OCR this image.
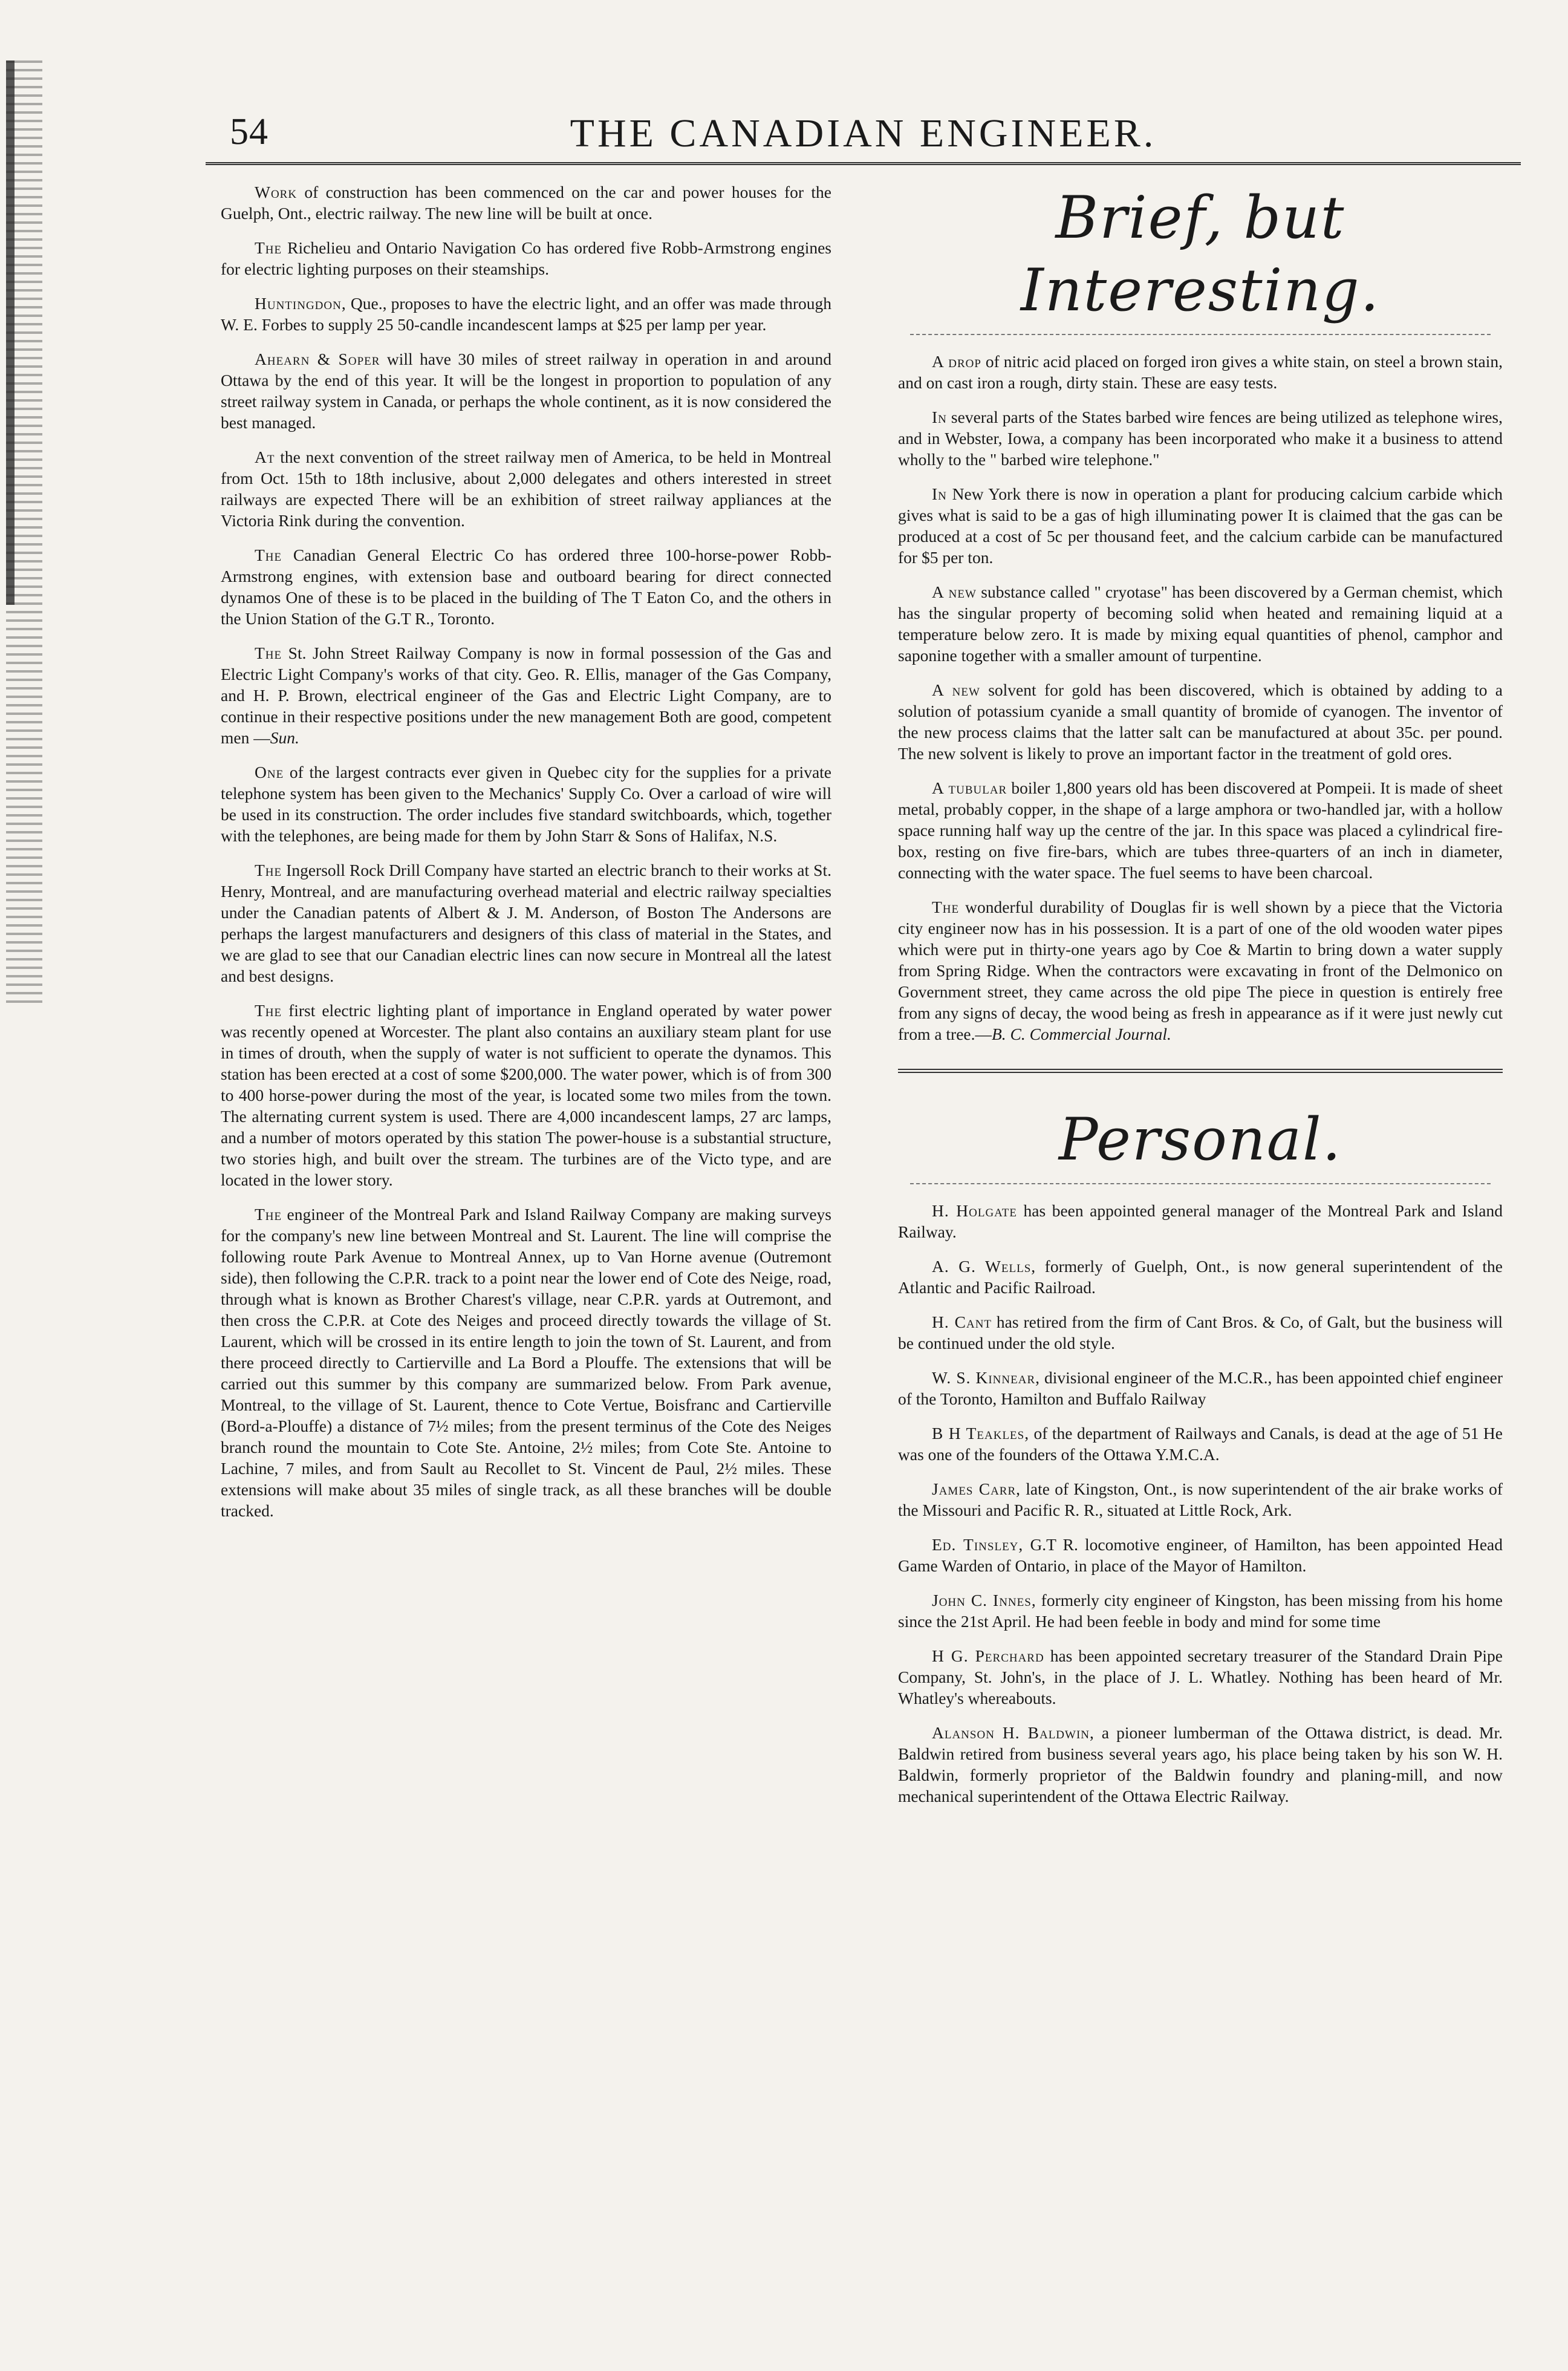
54	THE CANADIAN ENGINEER.

Work of construction has been commenced on the car and power houses for the Guelph, Ont., electric railway. The new line will be built at once.

The Richelieu and Ontario Navigation Co has ordered five Robb-Armstrong engines for electric lighting purposes on their steamships.

Huntingdon, Que., proposes to have the electric light, and an offer was made through W. E. Forbes to supply 25 50-candle incandescent lamps at $25 per lamp per year.

Ahearn & Soper will have 30 miles of street railway in operation in and around Ottawa by the end of this year. It will be the longest in proportion to population of any street railway system in Canada, or perhaps the whole continent, as it is now considered the best managed.

At the next convention of the street railway men of America, to be held in Montreal from Oct. 15th to 18th inclusive, about 2,000 delegates and others interested in street railways are expected There will be an exhibition of street railway appliances at the Victoria Rink during the convention.

The Canadian General Electric Co has ordered three 100-horse-power Robb-Armstrong engines, with extension base and outboard bearing for direct connected dynamos One of these is to be placed in the building of The T Eaton Co, and the others in the Union Station of the G.T R., Toronto.

The St. John Street Railway Company is now in formal possession of the Gas and Electric Light Company's works of that city. Geo. R. Ellis, manager of the Gas Company, and H. P. Brown, electrical engineer of the Gas and Electric Light Company, are to continue in their respective positions under the new management Both are good, competent men —Sun.

One of the largest contracts ever given in Quebec city for the supplies for a private telephone system has been given to the Mechanics' Supply Co. Over a carload of wire will be used in its construction. The order includes five standard switchboards, which, together with the telephones, are being made for them by John Starr & Sons of Halifax, N.S.

The Ingersoll Rock Drill Company have started an electric branch to their works at St. Henry, Montreal, and are manufacturing overhead material and electric railway specialties under the Canadian patents of Albert & J. M. Anderson, of Boston The Andersons are perhaps the largest manufacturers and designers of this class of material in the States, and we are glad to see that our Canadian electric lines can now secure in Montreal all the latest and best designs.

The first electric lighting plant of importance in England operated by water power was recently opened at Worcester. The plant also contains an auxiliary steam plant for use in times of drouth, when the supply of water is not sufficient to operate the dynamos. This station has been erected at a cost of some $200,000. The water power, which is of from 300 to 400 horse-power during the most of the year, is located some two miles from the town. The alternating current system is used. There are 4,000 incandescent lamps, 27 arc lamps, and a number of motors operated by this station The power-house is a substantial structure, two stories high, and built over the stream. The turbines are of the Victo type, and are located in the lower story.

The engineer of the Montreal Park and Island Railway Company are making surveys for the company's new line between Montreal and St. Laurent. The line will comprise the following route Park Avenue to Montreal Annex, up to Van Horne avenue (Outremont side), then following the C.P.R. track to a point near the lower end of Cote des Neige, road, through what is known as Brother Charest's village, near C.P.R. yards at Outremont, and then cross the C.P.R. at Cote des Neiges and proceed directly towards the village of St. Laurent, which will be crossed in its entire length to join the town of St. Laurent, and from there proceed directly to Cartierville and La Bord a Plouffe. The extensions that will be carried out this summer by this company are summarized below. From Park avenue, Montreal, to the village of St. Laurent, thence to Cote Vertue, Boisfranc and Cartierville (Bord-a-Plouffe) a distance of 7½ miles; from the present terminus of the Cote des Neiges branch round the mountain to Cote Ste. Antoine, 2½ miles; from Cote Ste. Antoine to Lachine, 7 miles, and from Sault au Recollet to St. Vincent de Paul, 2½ miles. These extensions will make about 35 miles of single track, as all these branches will be double tracked.

Brief, but Interesting.

A drop of nitric acid placed on forged iron gives a white stain, on steel a brown stain, and on cast iron a rough, dirty stain. These are easy tests.

In several parts of the States barbed wire fences are being utilized as telephone wires, and in Webster, Iowa, a company has been incorporated who make it a business to attend wholly to the " barbed wire telephone."

In New York there is now in operation a plant for producing calcium carbide which gives what is said to be a gas of high illuminating power It is claimed that the gas can be produced at a cost of 5c per thousand feet, and the calcium carbide can be manufactured for $5 per ton.

A new substance called " cryotase" has been discovered by a German chemist, which has the singular property of becoming solid when heated and remaining liquid at a temperature below zero. It is made by mixing equal quantities of phenol, camphor and saponine together with a smaller amount of turpentine.

A new solvent for gold has been discovered, which is obtained by adding to a solution of potassium cyanide a small quantity of bromide of cyanogen. The inventor of the new process claims that the latter salt can be manufactured at about 35c. per pound. The new solvent is likely to prove an important factor in the treatment of gold ores.

A tubular boiler 1,800 years old has been discovered at Pompeii. It is made of sheet metal, probably copper, in the shape of a large amphora or two-handled jar, with a hollow space running half way up the centre of the jar. In this space was placed a cylindrical fire-box, resting on five fire-bars, which are tubes three-quarters of an inch in diameter, connecting with the water space. The fuel seems to have been charcoal.

The wonderful durability of Douglas fir is well shown by a piece that the Victoria city engineer now has in his possession. It is a part of one of the old wooden water pipes which were put in thirty-one years ago by Coe & Martin to bring down a water supply from Spring Ridge. When the contractors were excavating in front of the Delmonico on Government street, they came across the old pipe The piece in question is entirely free from any signs of decay, the wood being as fresh in appearance as if it were just newly cut from a tree.—B. C. Commercial Journal.

Personal.

H. Holgate has been appointed general manager of the Montreal Park and Island Railway.

A. G. Wells, formerly of Guelph, Ont., is now general superintendent of the Atlantic and Pacific Railroad.

H. Cant has retired from the firm of Cant Bros. & Co, of Galt, but the business will be continued under the old style.

W. S. Kinnear, divisional engineer of the M.C.R., has been appointed chief engineer of the Toronto, Hamilton and Buffalo Railway

B H Teakles, of the department of Railways and Canals, is dead at the age of 51 He was one of the founders of the Ottawa Y.M.C.A.

James Carr, late of Kingston, Ont., is now superintendent of the air brake works of the Missouri and Pacific R. R., situated at Little Rock, Ark.

Ed. Tinsley, G.T R. locomotive engineer, of Hamilton, has been appointed Head Game Warden of Ontario, in place of the Mayor of Hamilton.

John C. Innes, formerly city engineer of Kingston, has been missing from his home since the 21st April. He had been feeble in body and mind for some time

H G. Perchard has been appointed secretary treasurer of the Standard Drain Pipe Company, St. John's, in the place of J. L. Whatley. Nothing has been heard of Mr. Whatley's whereabouts.

Alanson H. Baldwin, a pioneer lumberman of the Ottawa district, is dead. Mr. Baldwin retired from business several years ago, his place being taken by his son W. H. Baldwin, formerly proprietor of the Baldwin foundry and planing-mill, and now mechanical superintendent of the Ottawa Electric Railway.
